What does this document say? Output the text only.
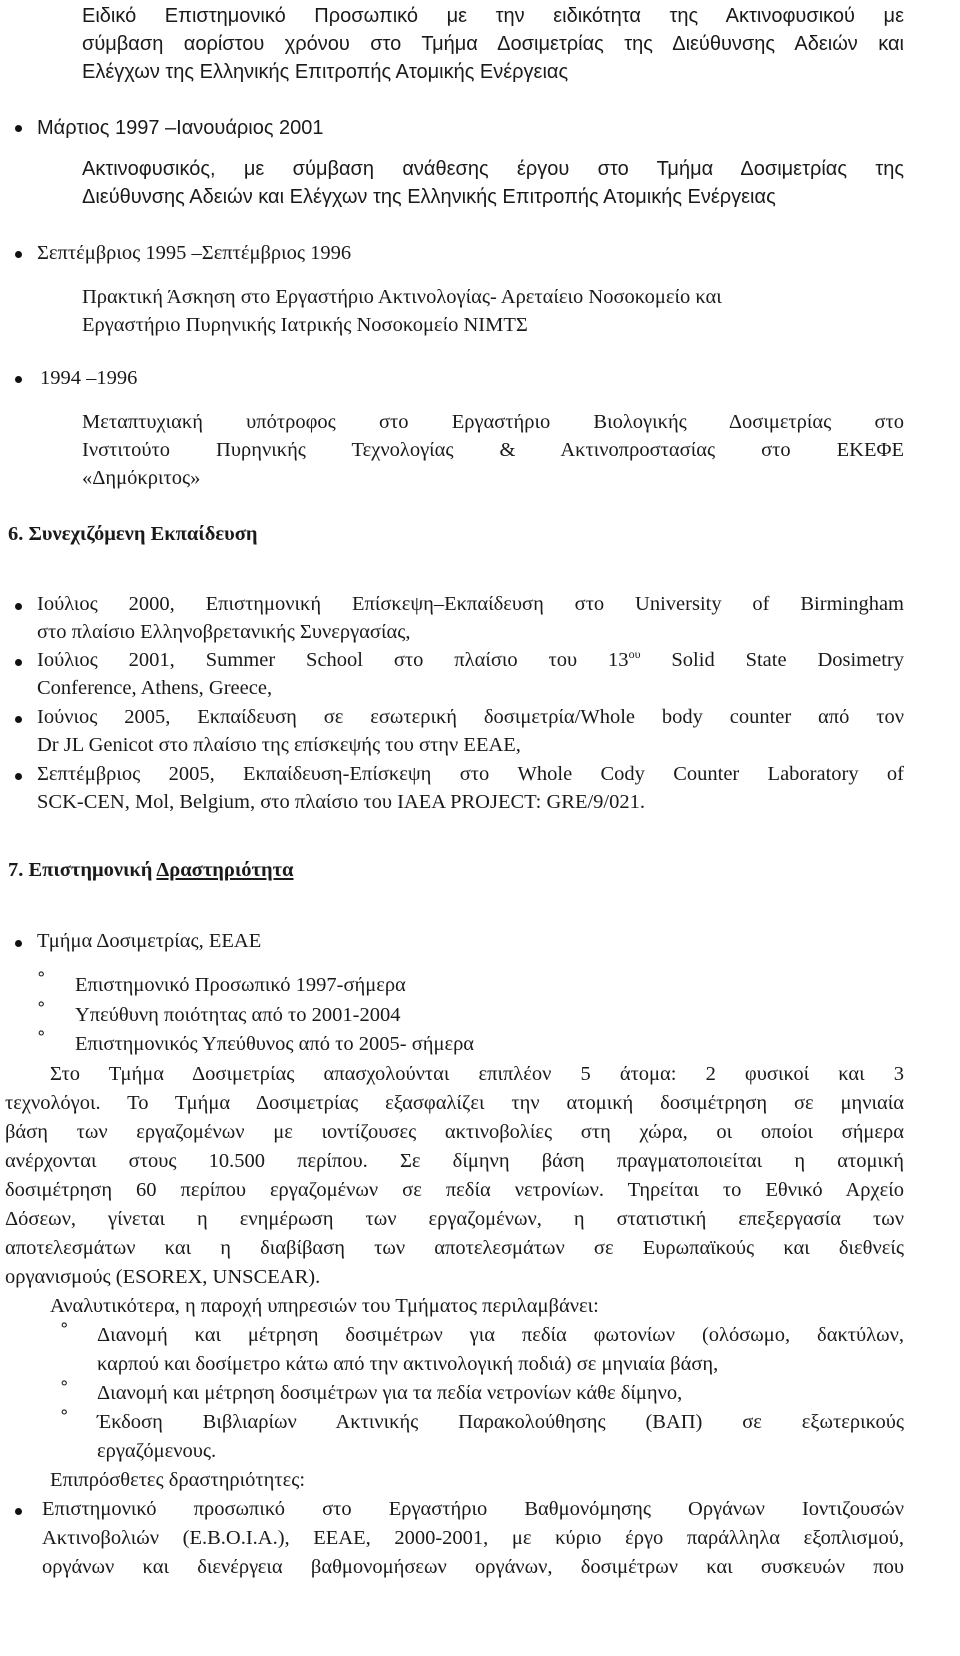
Ειδικό Επιστημονικό Προσωπικό με την ειδικότητα της Ακτινοφυσικού με

σύμβαση αορίστου χρόνου στο Τμήμα Δοσιμετρίας της Διεύθυνσης Αδειών και

Ελέγχων της Ελληνικής Επιτροπής Ατομικής Ενέργειας

Μάρτιος 1997 –Ιανουάριος 2001

Ακτινοφυσικός, με σύμβαση ανάθεσης έργου στο Τμήμα Δοσιμετρίας της

Διεύθυνσης Αδειών και Ελέγχων της Ελληνικής Επιτροπής Ατομικής Ενέργειας

Σεπτέμβριος 1995 –Σεπτέμβριος 1996

Πρακτική Άσκηση στο Εργαστήριο Ακτινολογίας- Αρεταίειο Νοσοκομείο και

Εργαστήριο Πυρηνικής Ιατρικής Νοσοκομείο ΝΙΜΤΣ

1994 –1996

Μεταπτυχιακή υπότροφος στο Εργαστήριο Βιολογικής Δοσιμετρίας στο

Ινστιτούτο Πυρηνικής Τεχνολογίας & Ακτινοπροστασίας στο ΕΚΕΦΕ

«Δημόκριτος»

6. Συνεχιζόμενη Εκπαίδευση

Ιούλιος 2000, Επιστημονική Επίσκεψη–Εκπαίδευση στο University of Birmingham

στο πλαίσιο Ελληνοβρετανικής Συνεργασίας,

Ιούλιος 2001, Summer School στο πλαίσιο του $13^{o\upsilon}$ Solid State Dosimetry

Conference, Athens, Greece,

Ιούνιος 2005, Εκπαίδευση σε εσωτερική δοσιμετρία/Whole body counter από τον

Dr JL Genicot στο πλαίσιο της επίσκεψής του στην ΕΕΑΕ,

Σεπτέμβριος 2005, Εκπαίδευση-Επίσκεψη στο Whole Cody Counter Laboratory of

SCK-CEN, Mol, Belgium, στο πλαίσιο του IAEA PROJECT: GRE/9/021.

7. Επιστημονική Δραστηριότητα

Τμήμα Δοσιμετρίας, ΕΕΑΕ

° Επιστημονικό Προσωπικό 1997-σήμερα

° Υπεύθυνη ποιότητας από το 2001-2004

° Επιστημονικός Υπεύθυνος από το 2005- σήμερα

Στο Τμήμα Δοσιμετρίας απασχολούνται επιπλέον 5 άτομα: 2 φυσικοί και 3

τεχνολόγοι. Το Τμήμα Δοσιμετρίας εξασφαλίζει την ατομική δοσιμέτρηση σε μηνιαία

βάση των εργαζομένων με ιοντίζουσες ακτινοβολίες στη χώρα, οι οποίοι σήμερα

ανέρχονται στους 10.500 περίπου. Σε δίμηνη βάση πραγματοποιείται η ατομική

δοσιμέτρηση 60 περίπου εργαζομένων σε πεδία νετρονίων. Τηρείται το Εθνικό Αρχείο

Δόσεων, γίνεται η ενημέρωση των εργαζομένων, η στατιστική επεξεργασία των

αποτελεσμάτων και η διαβίβαση των αποτελεσμάτων σε Ευρωπαϊκούς και διεθνείς

οργανισμούς (ESOREX, UNSCEAR).

Αναλυτικότερα, η παροχή υπηρεσιών του Τμήματος περιλαμβάνει:

° Διανομή και μέτρηση δοσιμέτρων για πεδία φωτονίων (ολόσωμο, δακτύλων,

καρπού και δοσίμετρο κάτω από την ακτινολογική ποδιά) σε μηνιαία βάση,

° Διανομή και μέτρηση δοσιμέτρων για τα πεδία νετρονίων κάθε δίμηνο,

° Έκδοση Βιβλιαρίων Ακτινικής Παρακολούθησης (ΒΑΠ) σε εξωτερικούς

εργαζόμενους.

Επιπρόσθετες δραστηριότητες:

Επιστημονικό προσωπικό στο Εργαστήριο Βαθμονόμησης Οργάνων Ιοντιζουσών

Ακτινοβολιών (Ε.Β.Ο.Ι.Α.), ΕΕΑΕ, 2000-2001, με κύριο έργο παράλληλα εξοπλισμού,

οργάνων και διενέργεια βαθμονομήσεων οργάνων, δοσιμέτρων και συσκευών που
